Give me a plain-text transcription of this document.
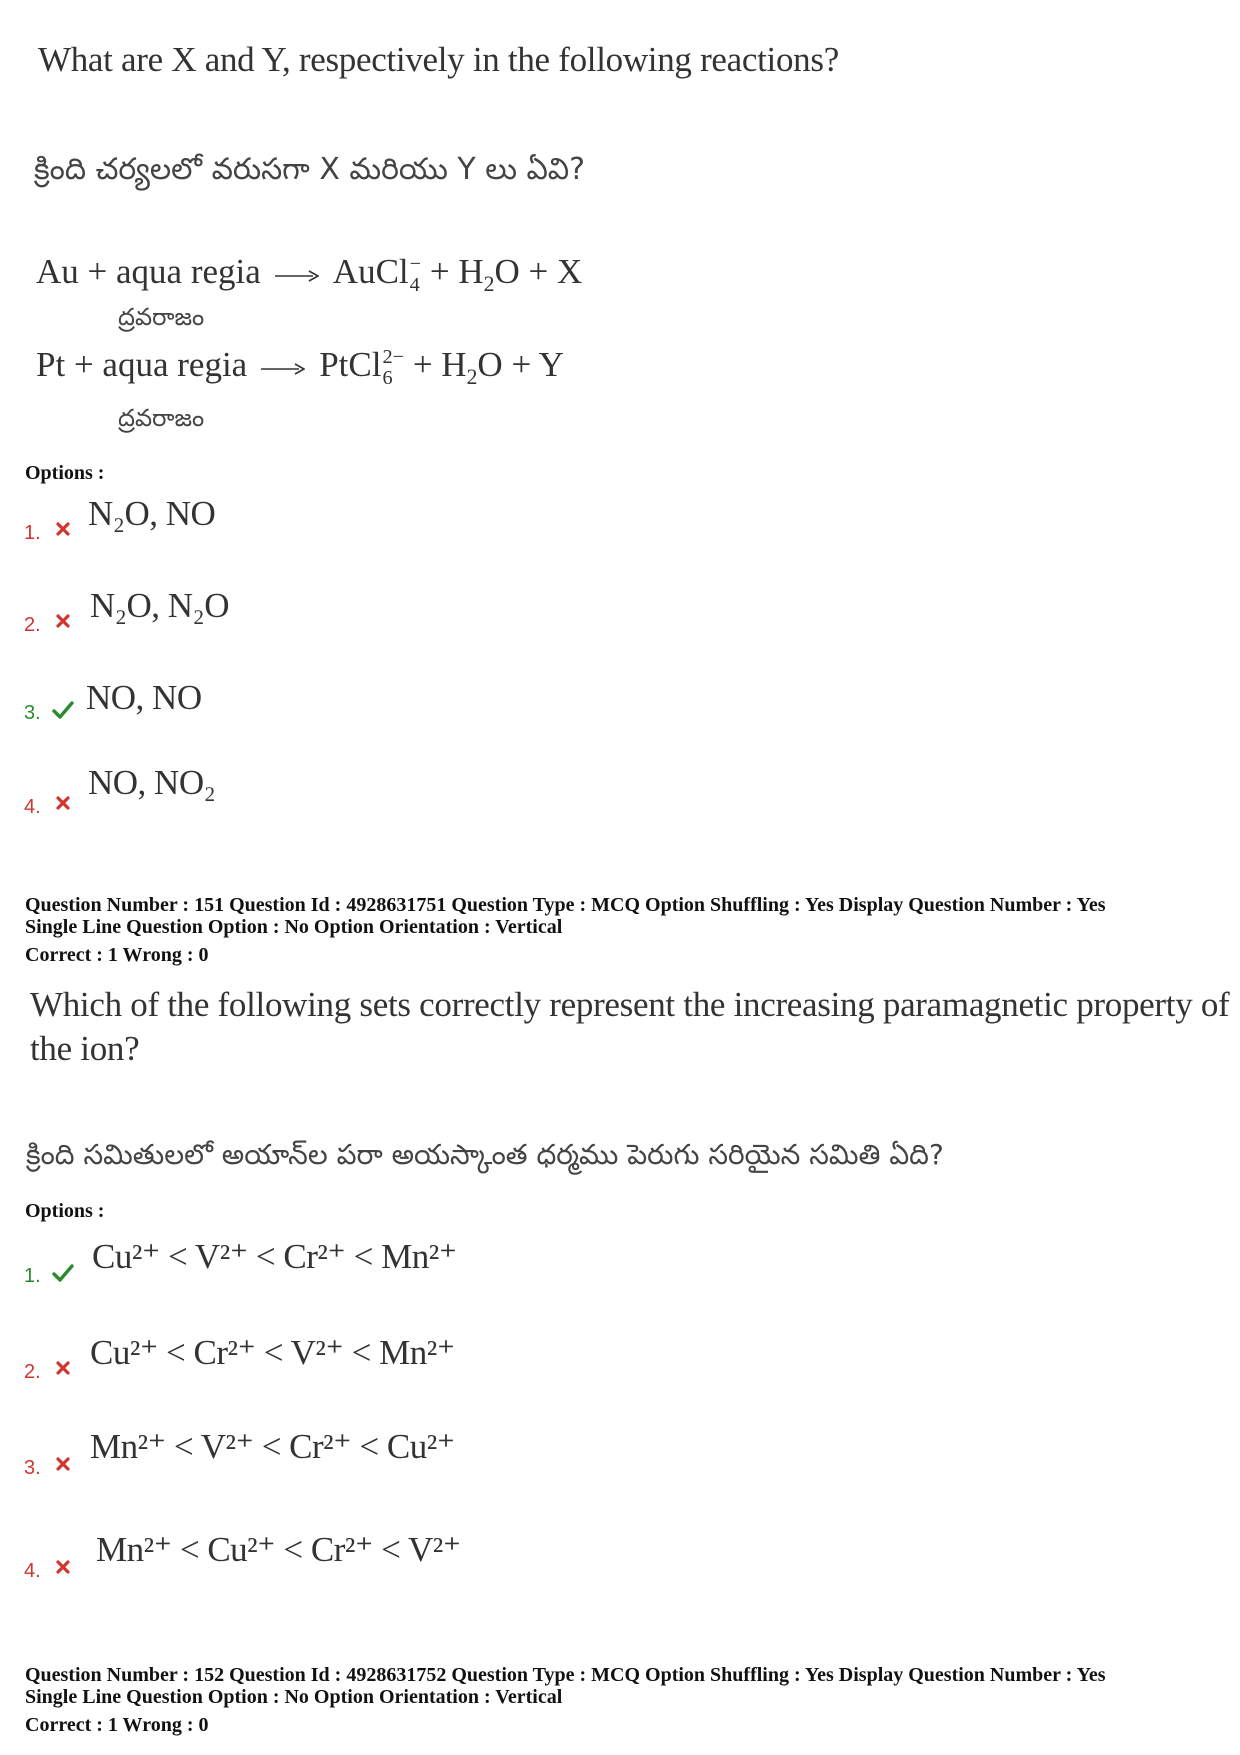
What are X and Y, respectively in the following reactions?
క్రింది చర్యలలో వరుసగా X మరియు Y లు ఏవి?
Au + aqua regia AuCl −
$4 + H_2O + X$
ద్రవరాజం
Pt + aqua regia PtCl 2−
$6 + H_2O + Y$
ద్రవరాజం
Options :
1. N₂O, NO
2. N₂O, N₂O
3. NO, NO
4.
NO, NO₂
Question Number : 151 Question Id : 4928631751 Question Type : MCQ Option Shuffling : Yes Display Question Number : Yes
Single Line Question Option : No Option Orientation : Vertical
Correct : 1 Wrong : 0
Which of the following sets correctly represent the increasing paramagnetic property of
the ion?
క్రింది సమితులలో అయాన్‌ల పరా అయస్కాంత ధర్మము పెరుగు సరియైన సమితి ఏది?
Options :
1. Cu²⁺ < V²⁺ < Cr²⁺ < Mn²⁺
2. Cu²⁺ < Cr²⁺ < V²⁺ < Mn²⁺
3.
Mn²⁺ < V²⁺ < Cr²⁺ < Cu²⁺
4.
Mn²⁺ < Cu²⁺ < Cr²⁺ < V²⁺
Question Number : 152 Question Id : 4928631752 Question Type : MCQ Option Shuffling : Yes Display Question Number : Yes
Single Line Question Option : No Option Orientation : Vertical
Correct : 1 Wrong : 0
